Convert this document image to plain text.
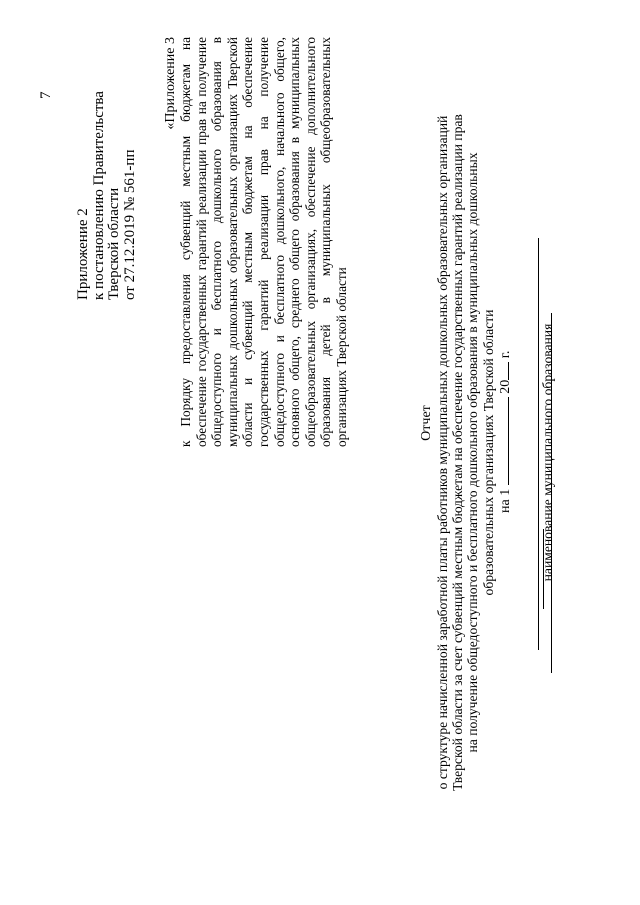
7
Приложение 2 к постановлению Правительства Тверской области от 27.12.2019 № 561-пп
«Приложение 3 к Порядку предоставления субвенций местным бюджетам на обеспечение государственных гарантий реализации прав на получение общедоступного и бесплатного дошкольного образования в муниципальных дошкольных образовательных организациях Тверской области и субвенций местным бюджетам на обеспечение государственных гарантий реализации прав на получение общедоступного и бесплатного дошкольного, начального общего, основного общего, среднего общего образования в муниципальных общеобразовательных организациях, обеспечение дополнительного образования детей в муниципальных общеобразовательных организациях Тверской области	Отчет о структуре начисленной заработной платы работников муниципальных дошкольных образовательных организаций Тверской области за счет субвенций местным бюджетам на обеспечение государственных гарантий реализации прав на получение общедоступного и бесплатного дошкольного образования в муниципальных дошкольных образовательных организациях Тверской области на 1  20 г. наименование муниципального образования
